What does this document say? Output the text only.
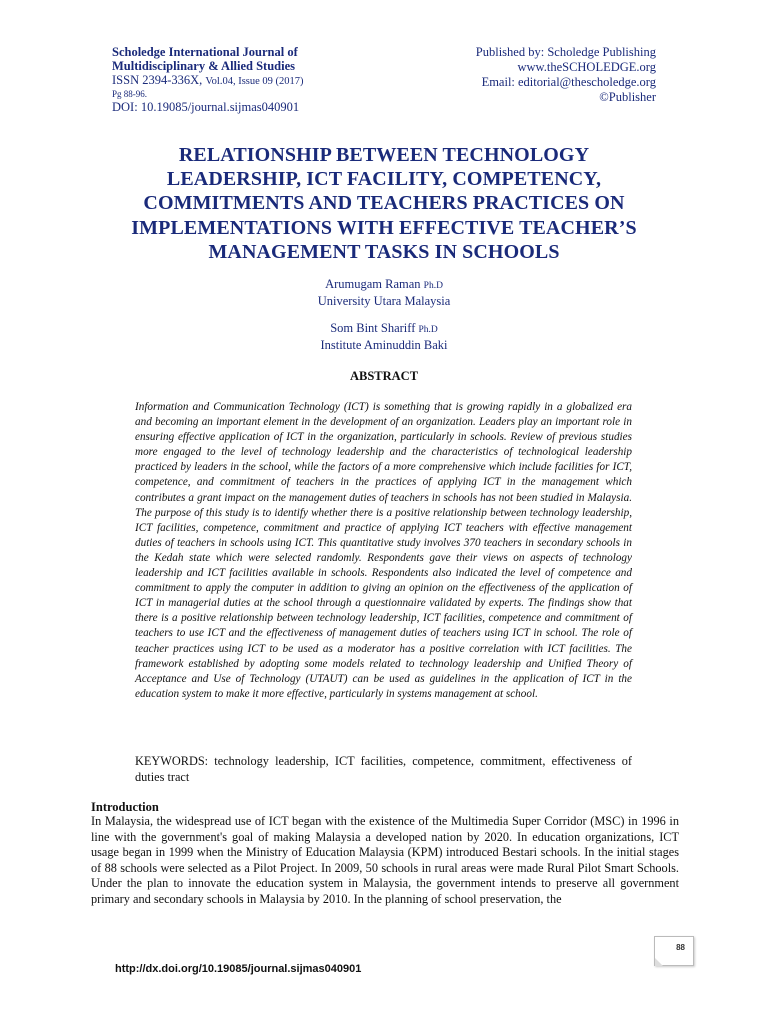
Scholedge International Journal of
Multidisciplinary & Allied Studies
ISSN 2394-336X, Vol.04, Issue 09 (2017)
Pg 88-96.
DOI: 10.19085/journal.sijmas040901
Published by: Scholedge Publishing
www.theSCHOLEDGE.org
Email: editorial@thescholedge.org
©Publisher
RELATIONSHIP BETWEEN TECHNOLOGY
LEADERSHIP, ICT FACILITY, COMPETENCY,
COMMITMENTS AND TEACHERS PRACTICES ON
IMPLEMENTATIONS WITH EFFECTIVE TEACHER’S
MANAGEMENT TASKS IN SCHOOLS
Arumugam Raman Ph.D
University Utara Malaysia
Som Bint Shariff Ph.D
Institute Aminuddin Baki
ABSTRACT
Information and Communication Technology (ICT) is something that is growing rapidly in a globalized era and becoming an important element in the development of an organization. Leaders play an important role in ensuring effective application of ICT in the organization, particularly in schools. Review of previous studies more engaged to the level of technology leadership and the characteristics of technological leadership practiced by leaders in the school, while the factors of a more comprehensive which include facilities for ICT, competence, and commitment of teachers in the practices of applying ICT in the management which contributes a grant impact on the management duties of teachers in schools has not been studied in Malaysia. The purpose of this study is to identify whether there is a positive relationship between technology leadership, ICT facilities, competence, commitment and practice of applying ICT teachers with effective management duties of teachers in schools using ICT. This quantitative study involves 370 teachers in secondary schools in the Kedah state which were selected randomly. Respondents gave their views on aspects of technology leadership and ICT facilities available in schools. Respondents also indicated the level of competence and commitment to apply the computer in addition to giving an opinion on the effectiveness of the application of ICT in managerial duties at the school through a questionnaire validated by experts. The findings show that there is a positive relationship between technology leadership, ICT facilities, competence and commitment of teachers to use ICT and the effectiveness of management duties of teachers using ICT in school. The role of teacher practices using ICT to be used as a moderator has a positive correlation with ICT facilities. The framework established by adopting some models related to technology leadership and Unified Theory of Acceptance and Use of Technology (UTAUT) can be used as guidelines in the application of ICT in the education system to make it more effective, particularly in systems management at school.
KEYWORDS: technology leadership, ICT facilities, competence, commitment, effectiveness of duties tract
Introduction
In Malaysia, the widespread use of ICT began with the existence of the Multimedia Super Corridor (MSC) in 1996 in line with the government's goal of making Malaysia a developed nation by 2020. In education organizations, ICT usage began in 1999 when the Ministry of Education Malaysia (KPM) introduced Bestari schools. In the initial stages of 88 schools were selected as a Pilot Project. In 2009, 50 schools in rural areas were made Rural Pilot Smart Schools. Under the plan to innovate the education system in Malaysia, the government intends to preserve all government primary and secondary schools in Malaysia by 2010. In the planning of school preservation, the
88
http://dx.doi.org/10.19085/journal.sijmas040901
